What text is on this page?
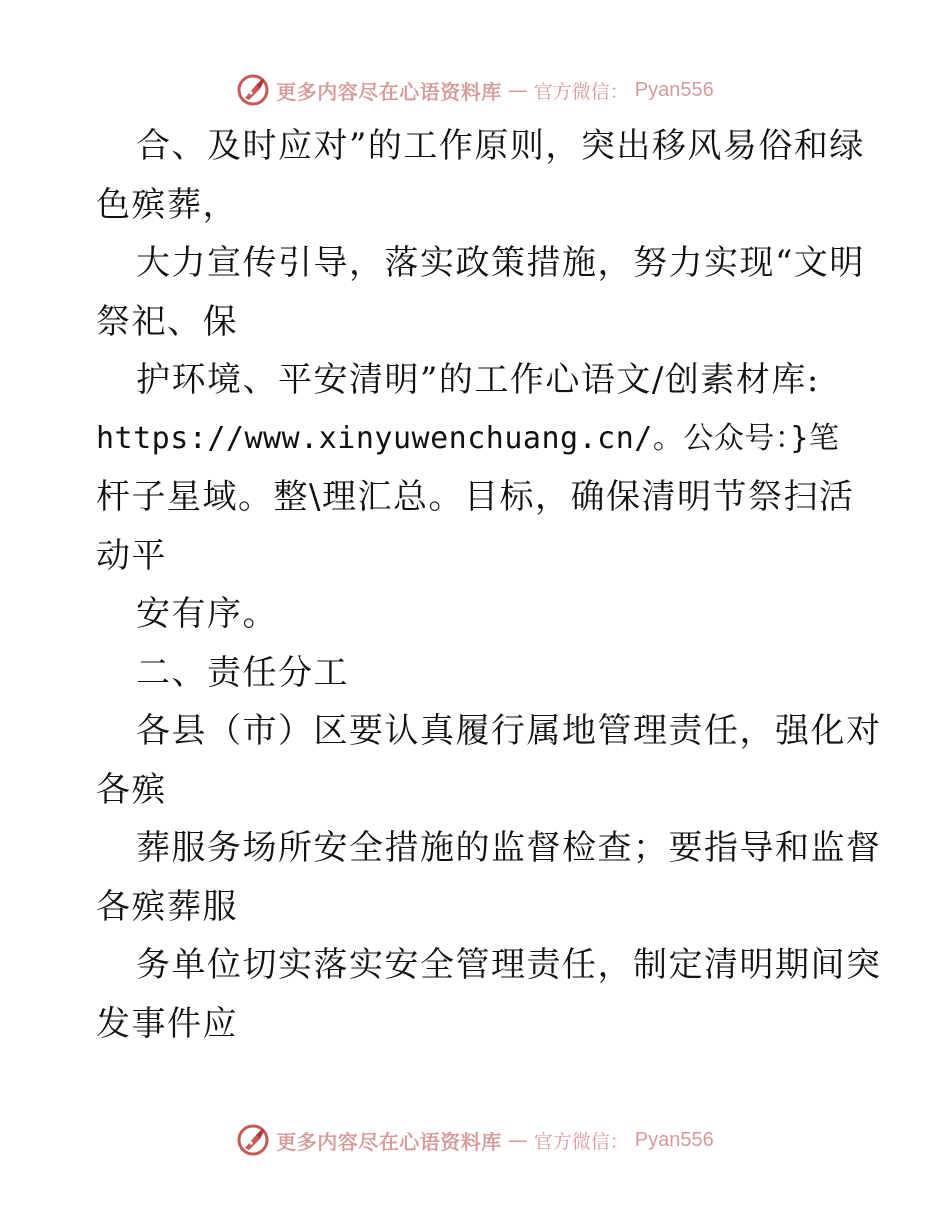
更多内容尽在心语资料库 — 官方微信： Pyan556
合、及时应对”的工作原则，突出移风易俗和绿
色殡葬，
大力宣传引导，落实政策措施，努力实现“文明
祭祀、保
护环境、平安清明”的工作心语文/创素材库:
https://www.xinyuwenchuang.cn/。公众号：}笔
杆子星域。整\理汇总。目标，确保清明节祭扫活
动平
安有序。
二、责任分工
各县（市）区要认真履行属地管理责任，强化对
各殡
葬服务场所安全措施的监督检查；要指导和监督
各殡葬服
务单位切实落实安全管理责任，制定清明期间突
发事件应
更多内容尽在心语资料库 — 官方微信： Pyan556
